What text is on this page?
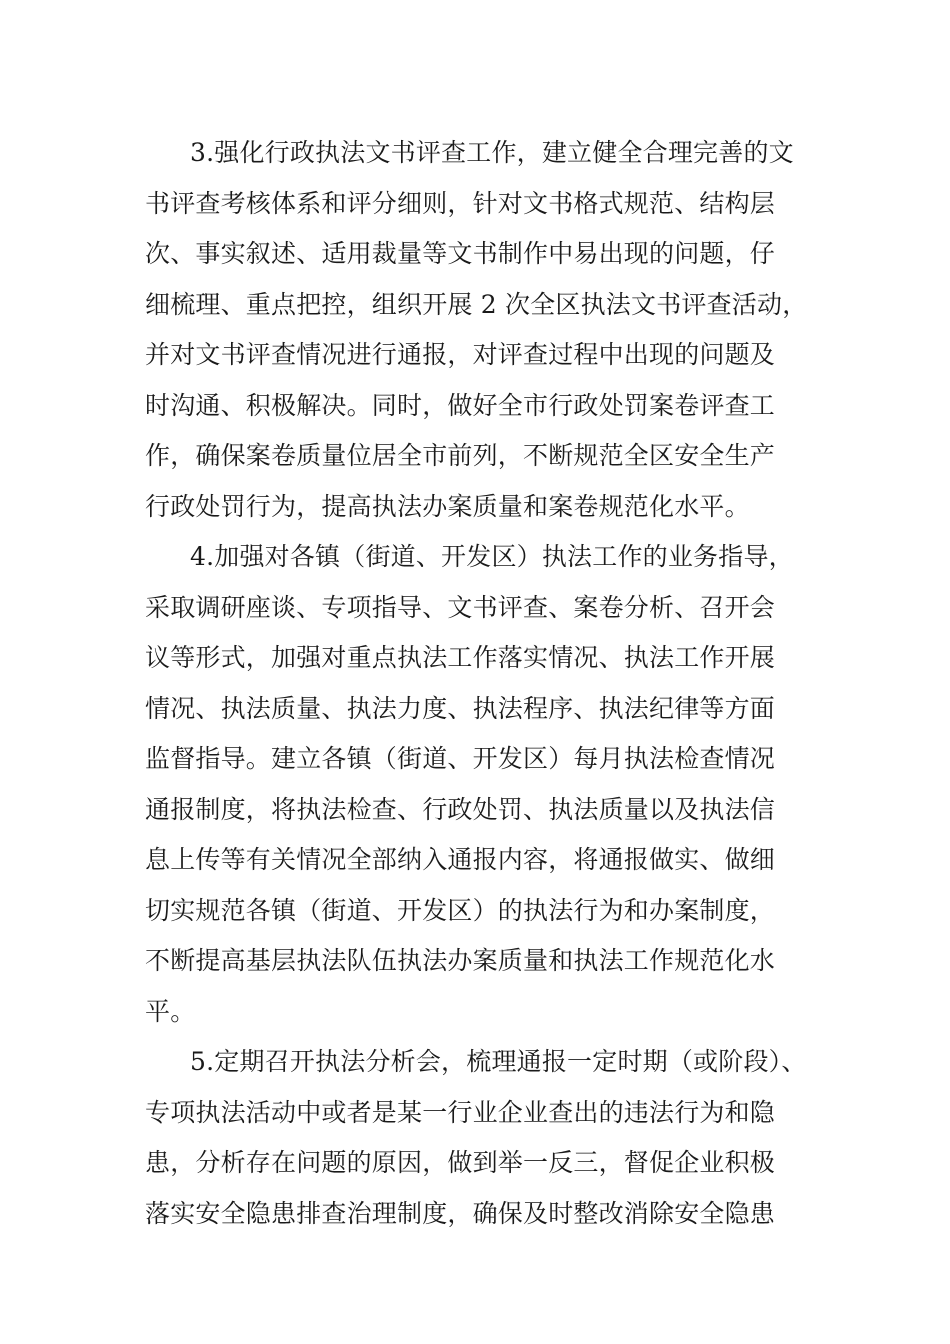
3.强化行政执法文书评查工作，建立健全合理完善的文
书评查考核体系和评分细则，针对文书格式规范、结构层
次、事实叙述、适用裁量等文书制作中易出现的问题，仔
细梳理、重点把控，组织开展 2 次全区执法文书评查活动，
并对文书评查情况进行通报，对评查过程中出现的问题及
时沟通、积极解决。同时，做好全市行政处罚案卷评查工
作，确保案卷质量位居全市前列，不断规范全区安全生产
行政处罚行为，提高执法办案质量和案卷规范化水平。
4.加强对各镇（街道、开发区）执法工作的业务指导，
采取调研座谈、专项指导、文书评查、案卷分析、召开会
议等形式，加强对重点执法工作落实情况、执法工作开展
情况、执法质量、执法力度、执法程序、执法纪律等方面
监督指导。建立各镇（街道、开发区）每月执法检查情况
通报制度，将执法检查、行政处罚、执法质量以及执法信
息上传等有关情况全部纳入通报内容，将通报做实、做细
切实规范各镇（街道、开发区）的执法行为和办案制度，
不断提高基层执法队伍执法办案质量和执法工作规范化水
平。
5.定期召开执法分析会，梳理通报一定时期（或阶段）、
专项执法活动中或者是某一行业企业查出的违法行为和隐
患，分析存在问题的原因，做到举一反三，督促企业积极
落实安全隐患排查治理制度，确保及时整改消除安全隐患
